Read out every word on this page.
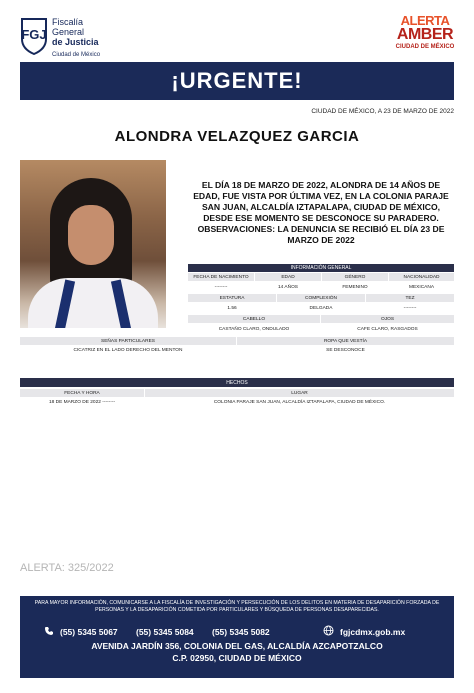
FGJ
Fiscalía
General
de Justicia
Ciudad de México
ALERTA
AMBER
CIUDAD DE MÉXICO
¡URGENTE!
CIUDAD DE MÉXICO, A 23 DE MARZO DE 2022
ALONDRA VELAZQUEZ GARCIA
EL DÍA 18 DE MARZO DE 2022, ALONDRA DE 14 AÑOS DE EDAD, FUE VISTA POR ÚLTIMA VEZ, EN LA COLONIA PARAJE SAN JUAN, ALCALDÍA IZTAPALAPA, CIUDAD DE MÉXICO, DESDE ESE MOMENTO SE DESCONOCE SU PARADERO. OBSERVACIONES: LA DENUNCIA SE RECIBIÓ EL DÍA 23 DE MARZO DE 2022
INFORMACIÓN GENERAL
FECHA DE NACIMIENTO	EDAD	GÉNERO	NACIONALIDAD
--------	14 AÑOS	FEMENINO	MEXICANA
ESTATURA	COMPLEXIÓN	TEZ
1.56	DELGADA	--------
CABELLO	OJOS
CASTAÑO CLARO, ONDULADO	CAFE CLARO, RASGADOS
SEÑAS PARTICULARES	ROPA QUE VESTÍA
CICATRIZ EN EL LADO DERECHO DEL MENTON	SE DESCONOCE
HECHOS
FECHA Y HORA	LUGAR
18 DE MARZO DE 2022 --------	COLONIA PARAJE SAN JUAN, ALCALDÍA IZTAPALAPA, CIUDAD DE MÉXICO.
ALERTA: 325/2022
PARA MAYOR INFORMACIÓN, COMUNICARSE A LA FISCALÍA DE INVESTIGACIÓN Y PERSECUCIÓN DE LOS DELITOS EN MATERIA DE DESAPARICIÓN FORZADA DE PERSONAS Y LA DESAPARICIÓN COMETIDA POR PARTICULARES Y BÚSQUEDA DE PERSONAS DESAPARECIDAS.
(55) 5345 5067 (55) 5345 5084 (55) 5345 5082	fgjcdmx.gob.mx
AVENIDA JARDÍN 356, COLONIA DEL GAS, ALCALDÍA AZCAPOTZALCO
C.P. 02950, CIUDAD DE MÉXICO
